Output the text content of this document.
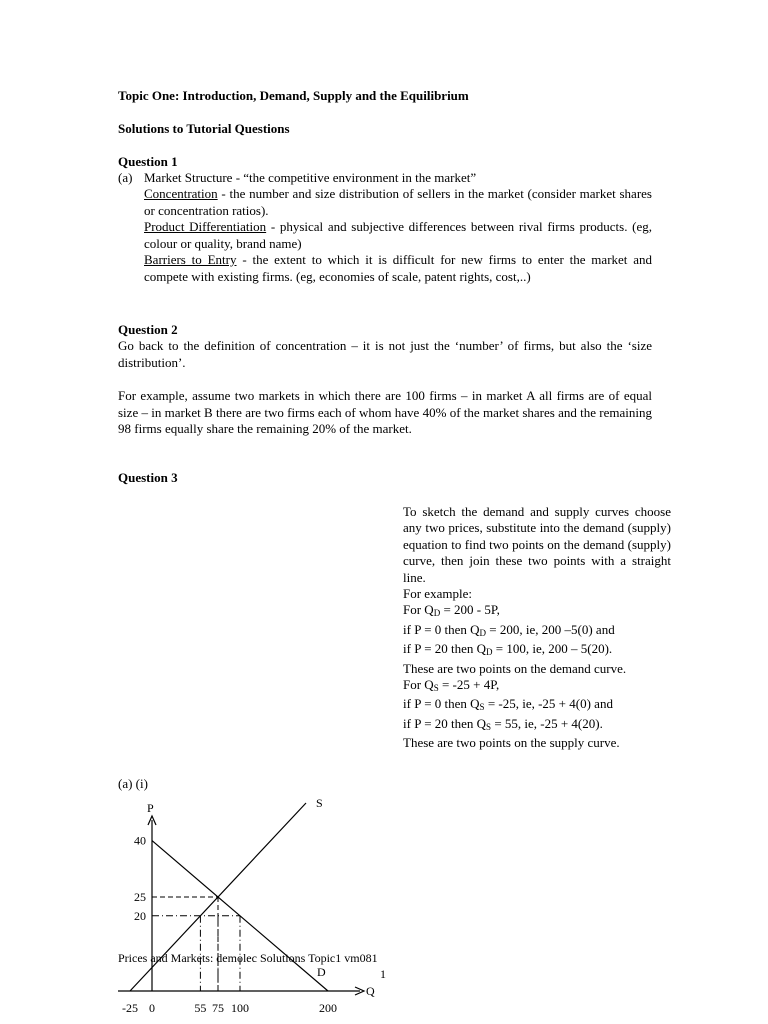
Topic One: Introduction, Demand, Supply and the Equilibrium
Solutions to Tutorial Questions
Question 1
(a) Market Structure - “the competitive environment in the market”
Concentration - the number and size distribution of sellers in the market (consider market shares or concentration ratios).
Product Differentiation - physical and subjective differences between rival firms products. (eg, colour or quality, brand name)
Barriers to Entry - the extent to which it is difficult for new firms to enter the market and compete with existing firms. (eg, economies of scale, patent rights, cost,..)
Question 2
Go back to the definition of concentration – it is not just the ‘number’ of firms, but also the ‘size distribution’.
For example, assume two markets in which there are 100 firms – in market A all firms are of equal size – in market B there are two firms each of whom have 40% of the market shares and the remaining 98 firms equally share the remaining 20% of the market.
Question 3
To sketch the demand and supply curves choose any two prices, substitute into the demand (supply) equation to find two points on the demand (supply) curve, then join these two points with a straight line.
For example:
For $Q_D = 200 - 5P$,
if P = 0 then $Q_D = 200$, ie, 200 –5(0) and
if P = 20 then $Q_D = 100$, ie, 200 – 5(20).
These are two points on the demand curve.
For $Q_S = -25 + 4P$,
if P = 0 then $Q_S = -25$, ie, -25 + 4(0) and
if P = 20 then $Q_S = 55$, ie, -25 + 4(20).
These are two points on the supply curve.
(a) (i)
P
Q
40
25
20
-25 0	55 75 100	200
S
D
Prices and Markets: demolec Solutions Topic1 vm081
1
